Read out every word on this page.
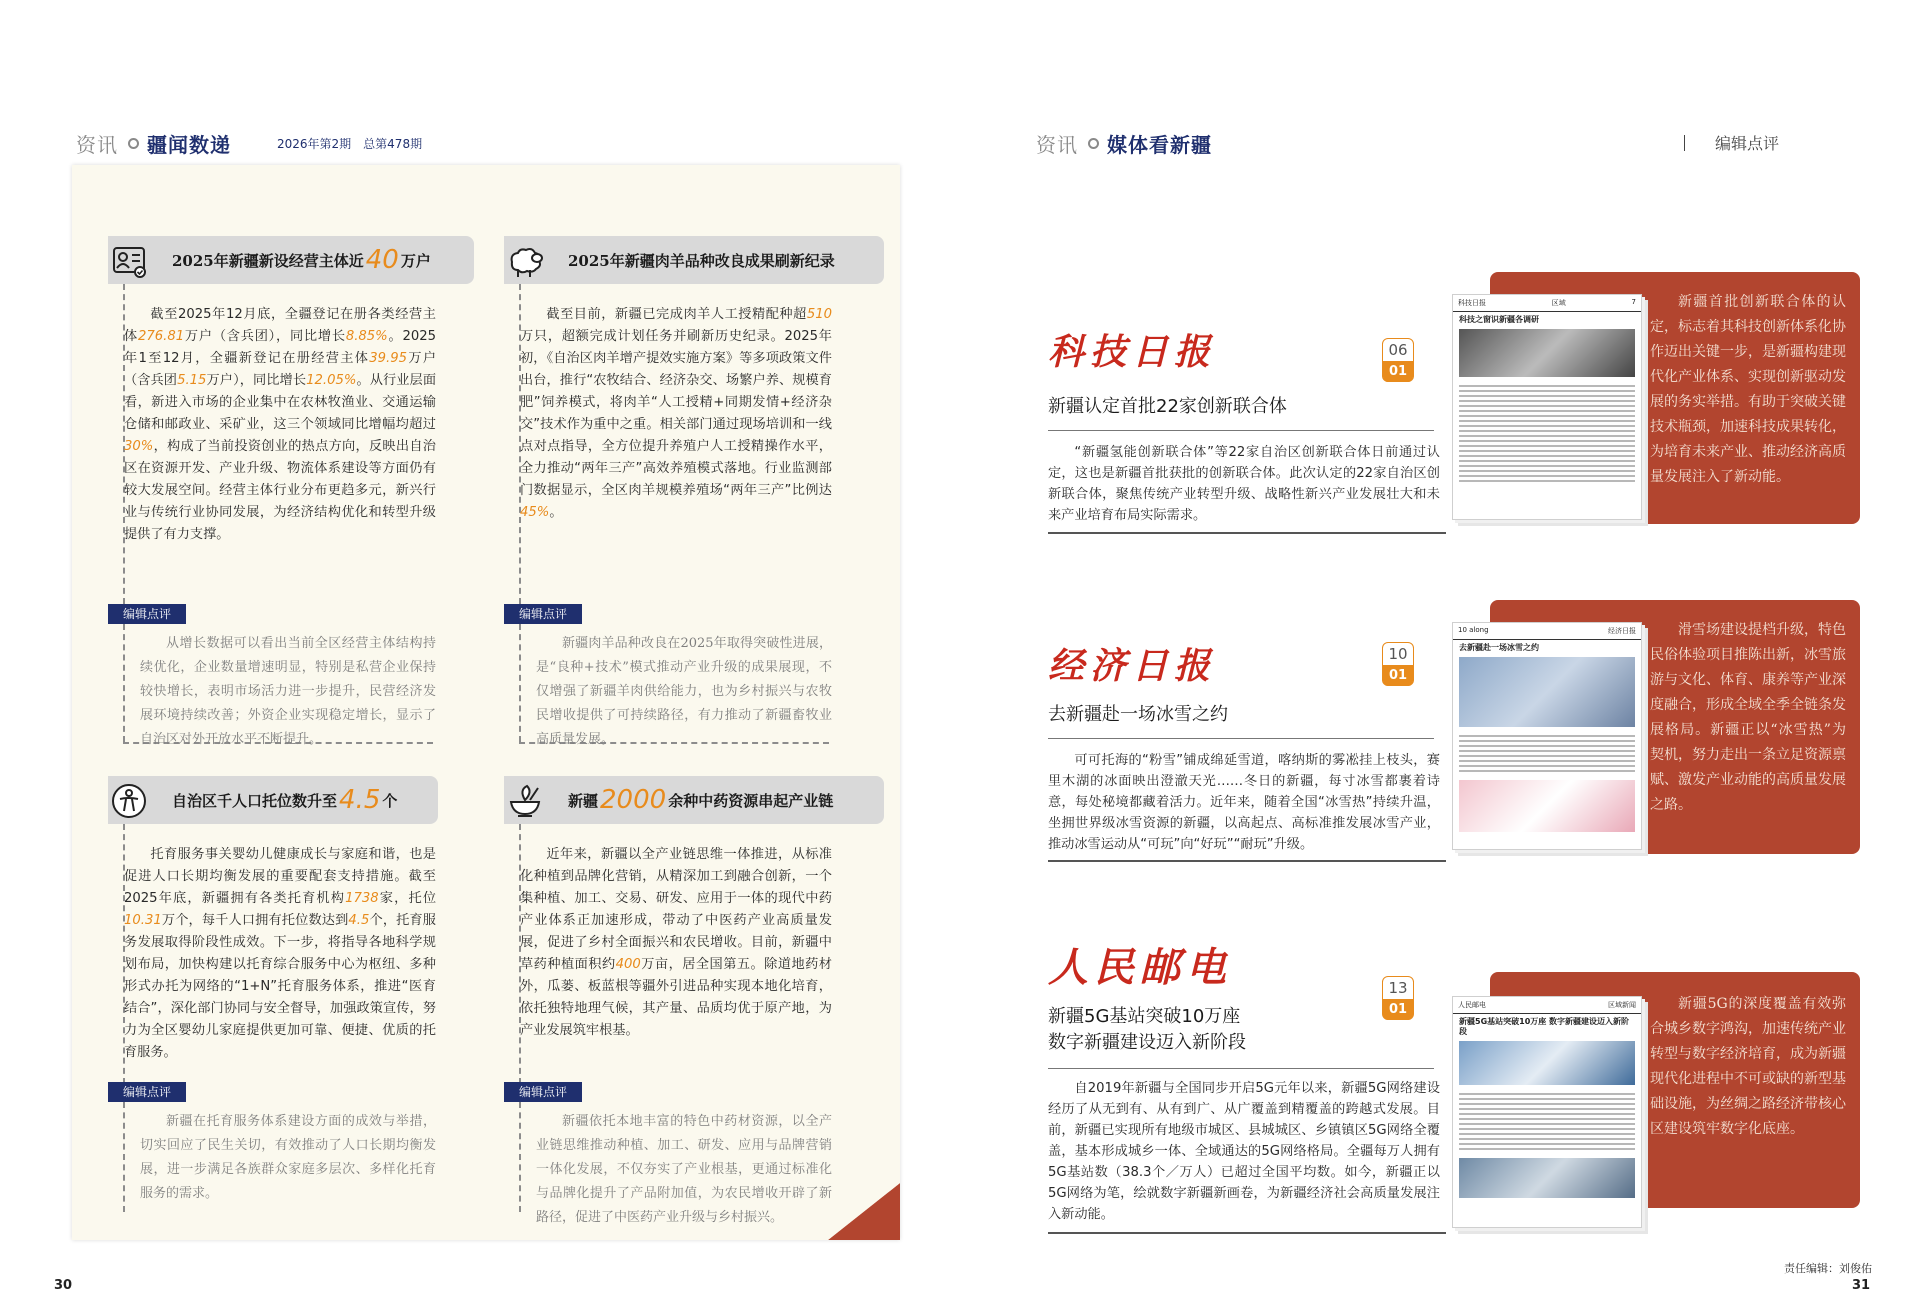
资讯 疆闻数递	2026年第2期　总第478期	资讯 媒体看新疆	编辑点评
2025年新疆新设经营主体近 40 万户
截至2025年12月底，全疆登记在册各类经营主体276.81万户（含兵团），同比增长8.85%。2025年1至12月，全疆新登记在册经营主体39.95万户（含兵团5.15万户），同比增长12.05%。从行业层面看，新进入市场的企业集中在农林牧渔业、交通运输仓储和邮政业、采矿业，这三个领域同比增幅均超过30%，构成了当前投资创业的热点方向，反映出自治区在资源开发、产业升级、物流体系建设等方面仍有较大发展空间。经营主体行业分布更趋多元，新兴行业与传统行业协同发展，为经济结构优化和转型升级提供了有力支撑。
编辑点评
从增长数据可以看出当前全区经营主体结构持续优化，企业数量增速明显，特别是私营企业保持较快增长，表明市场活力进一步提升，民营经济发展环境持续改善；外资企业实现稳定增长，显示了自治区对外开放水平不断提升。
2025年新疆肉羊品种改良成果刷新纪录
截至目前，新疆已完成肉羊人工授精配种超510万只，超额完成计划任务并刷新历史纪录。2025年初，《自治区肉羊增产提效实施方案》等多项政策文件出台，推行“农牧结合、经济杂交、场繁户养、规模育肥”饲养模式，将肉羊“人工授精+同期发情+经济杂交”技术作为重中之重。相关部门通过现场培训和一线点对点指导，全方位提升养殖户人工授精操作水平，全力推动“两年三产”高效养殖模式落地。行业监测部门数据显示，全区肉羊规模养殖场“两年三产”比例达45%。
编辑点评
新疆肉羊品种改良在2025年取得突破性进展，是“良种+技术”模式推动产业升级的成果展现，不仅增强了新疆羊肉供给能力，也为乡村振兴与农牧民增收提供了可持续路径，有力推动了新疆畜牧业高质量发展。
自治区千人口托位数升至 4.5 个
托育服务事关婴幼儿健康成长与家庭和谐，也是促进人口长期均衡发展的重要配套支持措施。截至2025年底，新疆拥有各类托育机构1738家，托位10.31万个，每千人口拥有托位数达到4.5个，托育服务发展取得阶段性成效。下一步，将指导各地科学规划布局，加快构建以托育综合服务中心为枢纽、多种形式办托为网络的“1+N”托育服务体系，推进“医育结合”，深化部门协同与安全督导，加强政策宣传，努力为全区婴幼儿家庭提供更加可靠、便捷、优质的托育服务。
编辑点评
新疆在托育服务体系建设方面的成效与举措，切实回应了民生关切，有效推动了人口长期均衡发展，进一步满足各族群众家庭多层次、多样化托育服务的需求。
新疆 2000 余种中药资源串起产业链
近年来，新疆以全产业链思维一体推进，从标准化种植到品牌化营销，从精深加工到融合创新，一个集种植、加工、交易、研发、应用于一体的现代中药产业体系正加速形成，带动了中医药产业高质量发展，促进了乡村全面振兴和农民增收。目前，新疆中草药种植面积约400万亩，居全国第五。除道地药材外，瓜蒌、板蓝根等疆外引进品种实现本地化培育，依托独特地理气候，其产量、品质均优于原产地，为产业发展筑牢根基。
编辑点评
新疆依托本地丰富的特色中药材资源，以全产业链思维推动种植、加工、研发、应用与品牌营销一体化发展，不仅夯实了产业根基，更通过标准化与品牌化提升了产品附加值，为农民增收开辟了新路径，促进了中医药产业升级与乡村振兴。
新疆首批创新联合体的认定，标志着其科技创新体系化协作迈出关键一步，是新疆构建现代化产业体系、实现创新驱动发展的务实举措。有助于突破关键技术瓶颈，加速科技成果转化，为培育未来产业、推动经济高质量发展注入了新动能。
科技日报	区域	7
科技之窗识新疆各调研
科技日报	06
01
新疆认定首批22家创新联合体
“新疆氢能创新联合体”等22家自治区创新联合体日前通过认定，这也是新疆首批获批的创新联合体。此次认定的22家自治区创新联合体，聚焦传统产业转型升级、战略性新兴产业发展壮大和未来产业培育布局实际需求。
滑雪场建设提档升级，特色民俗体验项目推陈出新，冰雪旅游与文化、体育、康养等产业深度融合，形成全域全季全链条发展格局。新疆正以“冰雪热”为契机，努力走出一条立足资源禀赋、激发产业动能的高质量发展之路。
10 along	经济日报
去新疆赴一场冰雪之约
经济日报	10
01
去新疆赴一场冰雪之约
可可托海的“粉雪”铺成绵延雪道，喀纳斯的雾凇挂上枝头，赛里木湖的冰面映出澄澈天光……冬日的新疆，每寸冰雪都裹着诗意，每处秘境都藏着活力。近年来，随着全国“冰雪热”持续升温，坐拥世界级冰雪资源的新疆，以高起点、高标准推发展冰雪产业，推动冰雪运动从“可玩”向“好玩”“耐玩”升级。
新疆5G的深度覆盖有效弥合城乡数字鸿沟，加速传统产业转型与数字经济培育，成为新疆现代化进程中不可或缺的新型基础设施，为丝绸之路经济带核心区建设筑牢数字化底座。
人民邮电	区域新闻
新疆5G基站突破10万座 数字新疆建设迈入新阶段
人民邮电	13
01
新疆5G基站突破10万座
数字新疆建设迈入新阶段
自2019年新疆与全国同步开启5G元年以来，新疆5G网络建设经历了从无到有、从有到广、从广覆盖到精覆盖的跨越式发展。目前，新疆已实现所有地级市城区、县城城区、乡镇镇区5G网络全覆盖，基本形成城乡一体、全域通达的5G网络格局。全疆每万人拥有5G基站数（38.3个／万人）已超过全国平均数。如今，新疆正以5G网络为笔，绘就数字新疆新画卷，为新疆经济社会高质量发展注入新动能。
30	31
责任编辑：刘俊佑
